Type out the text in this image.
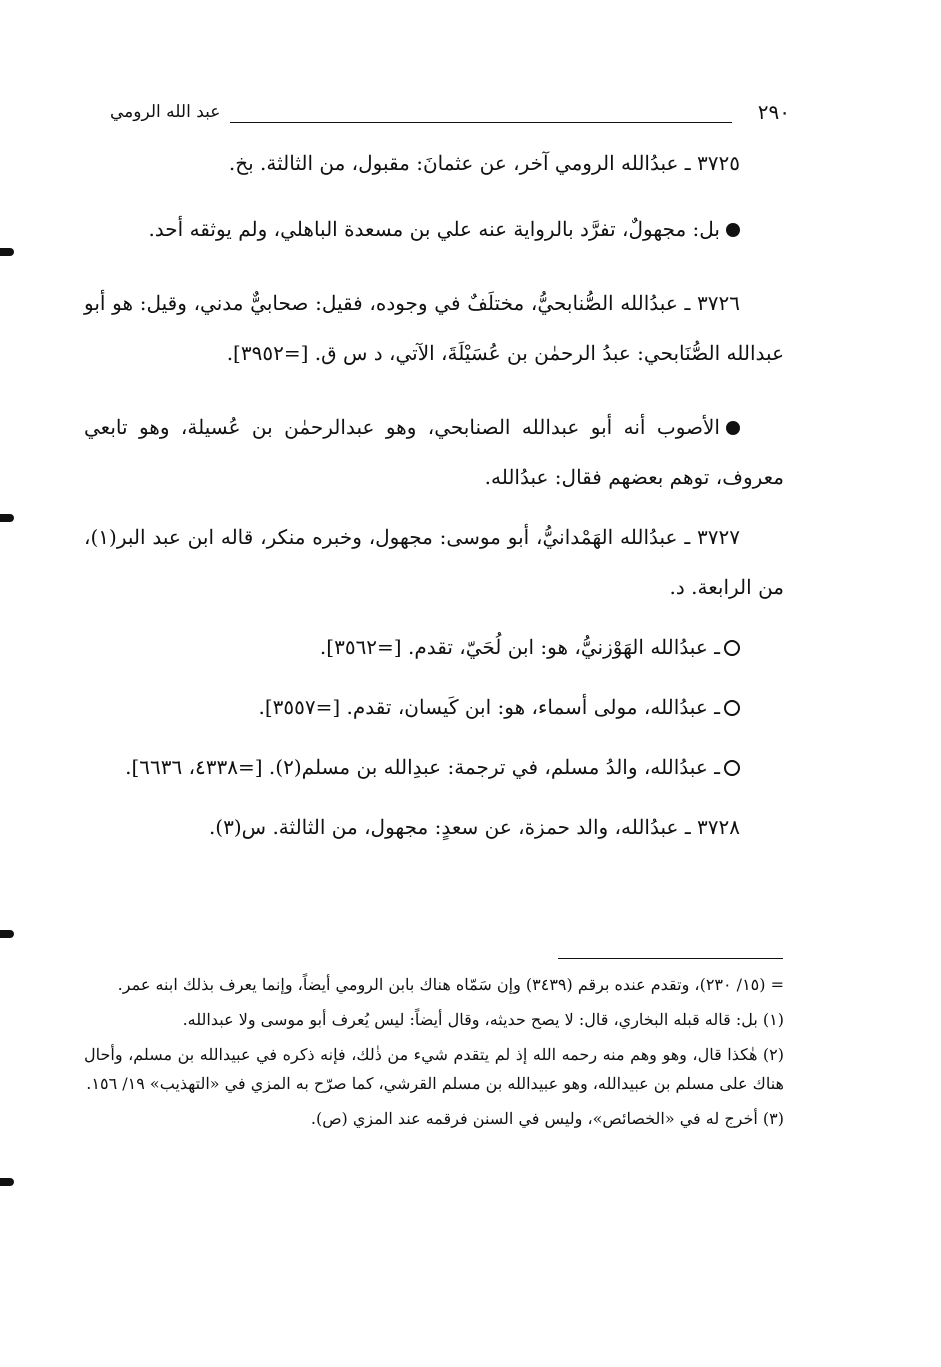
٢٩٠
عبد الله الرومي

٣٧٢٥ ـ عبدُالله الرومي آخر، عن عثمانَ: مقبول، من الثالثة. بخ.

بل: مجهولٌ، تفرَّد بالرواية عنه علي بن مسعدة الباهلي، ولم يوثقه أحد.

٣٧٢٦ ـ عبدُالله الصُّنابحيُّ، مختلَفٌ في وجوده، فقيل: صحابيٌّ مدني، وقيل: هو أبو عبدالله الصُّنَابحي: عبدُ الرحمٰن بن عُسَيْلَةَ، الآتي، د س ق. [=٣٩٥٢].

الأصوب أنه أبو عبدالله الصنابحي، وهو عبدالرحمٰن بن عُسيلة، وهو تابعي معروف، توهم بعضهم فقال: عبدُالله.

٣٧٢٧ ـ عبدُالله الهَمْدانيُّ، أبو موسى: مجهول، وخبره منكر، قاله ابن عبد البر(١)، من الرابعة. د.

ـ عبدُالله الهَوْزنيُّ، هو: ابن لُحَيّ، تقدم. [=٣٥٦٢].

ـ عبدُالله، مولى أسماء، هو: ابن كَيسان، تقدم. [=٣٥٥٧].

ـ عبدُالله، والدُ مسلم، في ترجمة: عبدِالله بن مسلم(٢). [=٤٣٣٨، ٦٦٣٦].

٣٧٢٨ ـ عبدُالله، والد حمزة، عن سعدٍ: مجهول، من الثالثة. س(٣).

= (١٥/ ٢٣٠)، وتقدم عنده برقم (٣٤٣٩) وإن سَمّاه هناك بابن الرومي أيضاً، وإنما يعرف بذلك ابنه عمر.

(١) بل: قاله قبله البخاري، قال: لا يصح حديثه، وقال أيضاً: ليس يُعرف أبو موسى ولا عبدالله.

(٢) هٰكذا قال، وهو وهم منه رحمه الله إذ لم يتقدم شيء من ذٰلك، فإنه ذكره في عبيدالله بن مسلم، وأحال هناك على مسلم بن عبيدالله، وهو عبيدالله بن مسلم القرشي، كما صرّح به المزي في «التهذيب» ١٩/ ١٥٦.

(٣) أخرج له في «الخصائص»، وليس في السنن فرقمه عند المزي (ص).
